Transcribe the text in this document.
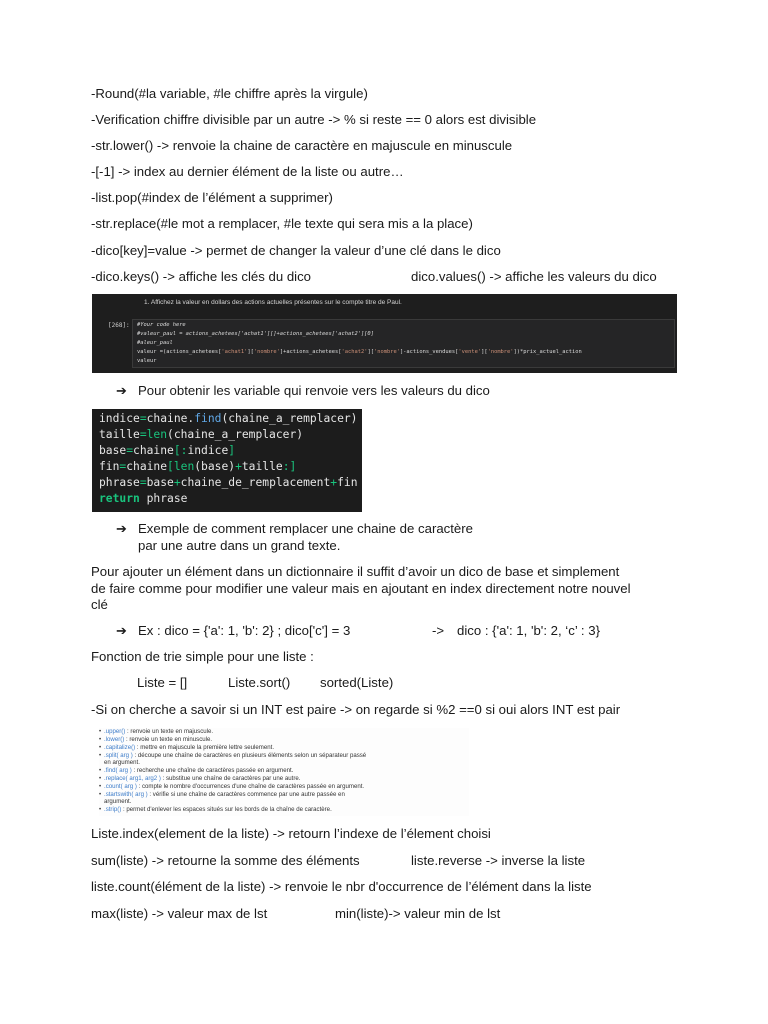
-Round(#la variable, #le chiffre après la virgule)
-Verification chiffre divisible par un autre -> % si reste == 0 alors est divisible
-str.lower() -> renvoie la chaine de caractère en majuscule en minuscule
-[-1] -> index au dernier élément de la liste ou autre…
-list.pop(#index de l’élément a supprimer)
-str.replace(#le mot a remplacer, #le texte qui sera mis a la place)
-dico[key]=value -> permet de changer la valeur d’une clé dans le dico
-dico.keys() -> affiche les clés du dico	dico.values() -> affiche les valeurs du dico
1. Affichez la valeur en dollars des actions actuelles présentes sur le compte titre de Paul.
[268]: #Your code here
#valeur_paul = actions_achetees['achat1'][]+actions_achetees['achat2'][0]
#aleur_paul
valeur =(actions_achetees['achat1']['nombre']+actions_achetees['achat2']['nombre']-actions_vendues['vente']['nombre'])*prix_actuel_action
valeur
➔ Pour obtenir les variable qui renvoie vers les valeurs du dico
indice=chaine.find(chaine_a_remplacer)
taille=len(chaine_a_remplacer)
base=chaine[:indice]
fin=chaine[len(base)+taille:]
phrase=base+chaine_de_remplacement+fin
return phrase
➔ Exemple de comment remplacer une chaine de caractère
par une autre dans un grand texte.
Pour ajouter un élément dans un dictionnaire il suffit d’avoir un dico de base et simplement
de faire comme pour modifier une valeur mais en ajoutant en index directement notre nouvel
clé
➔ Ex : dico = {'a': 1, 'b': 2} ; dico['c'] = 3	-> dico : {'a': 1, 'b': 2, ‘c’ : 3}
Fonction de trie simple pour une liste :
Liste = []	Liste.sort() sorted(Liste)
-Si on cherche a savoir si un INT est paire -> on regarde si %2 ==0 si oui alors INT est pair
• .upper() : renvoie un texte en majuscule.
• .lower() : renvoie un texte en minuscule.
• .capitalize() : mettre en majuscule la première lettre seulement.
• .split( arg ) : découpe une chaîne de caractères en plusieurs éléments selon un séparateur passé
en argument.
• .find( arg ) : recherche une chaîne de caractères passée en argument.
• .replace( arg1, arg2 ) : substitue une chaîne de caractères par une autre.
• .count( arg ) : compte le nombre d'occurrences d'une chaîne de caractères passée en argument.
• .startswith( arg ) : vérifie si une chaîne de caractères commence par une autre passée en
argument.
• .strip() : permet d'enlever les espaces situés sur les bords de la chaîne de caractère.
Liste.index(element de la liste) -> retourn l’indexe de l’élement choisi
sum(liste) -> retourne la somme des éléments	liste.reverse -> inverse la liste
liste.count(élément de la liste) -> renvoie le nbr d'occurrence de l’élément dans la liste
max(liste) -> valeur max de lst	min(liste)-> valeur min de lst
